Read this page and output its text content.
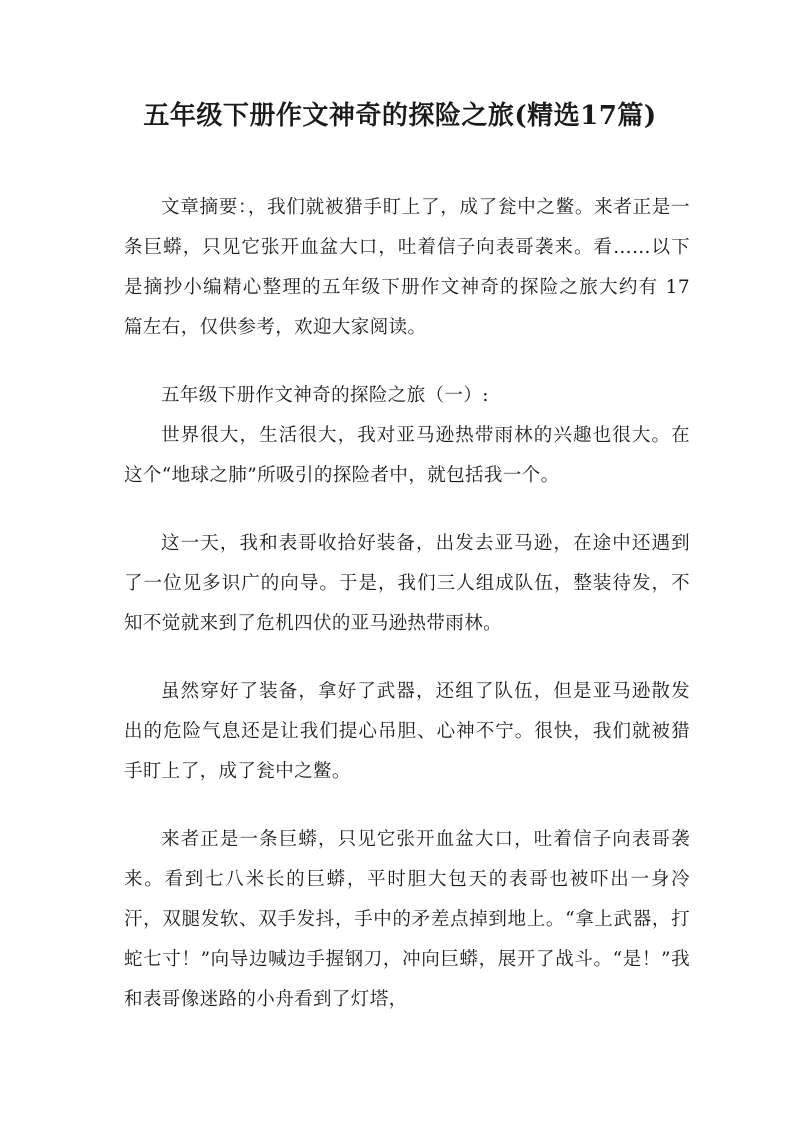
五年级下册作文神奇的探险之旅(精选17篇)

文章摘要：，我们就被猎手盯上了，成了瓮中之鳖。来者正是一条巨蟒，只见它张开血盆大口，吐着信子向表哥袭来。看……以下是摘抄小编精心整理的五年级下册作文神奇的探险之旅大约有 17 篇左右，仅供参考，欢迎大家阅读。

五年级下册作文神奇的探险之旅（一）:

世界很大，生活很大，我对亚马逊热带雨林的兴趣也很大。在这个“地球之肺”所吸引的探险者中，就包括我一个。

这一天，我和表哥收拾好装备，出发去亚马逊，在途中还遇到了一位见多识广的向导。于是，我们三人组成队伍，整装待发，不知不觉就来到了危机四伏的亚马逊热带雨林。

虽然穿好了装备，拿好了武器，还组了队伍，但是亚马逊散发出的危险气息还是让我们提心吊胆、心神不宁。很快，我们就被猎手盯上了，成了瓮中之鳖。

来者正是一条巨蟒，只见它张开血盆大口，吐着信子向表哥袭来。看到七八米长的巨蟒，平时胆大包天的表哥也被吓出一身冷汗，双腿发软、双手发抖，手中的矛差点掉到地上。“拿上武器，打蛇七寸！”向导边喊边手握钢刀，冲向巨蟒，展开了战斗。“是！”我和表哥像迷路的小舟看到了灯塔，
